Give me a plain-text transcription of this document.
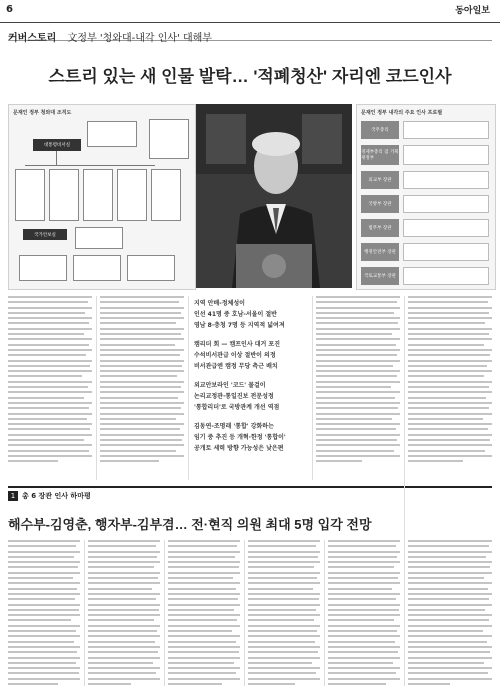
6	동아일보
커버스토리 文정부 '청와대-내각 인사' 대해부
스트리 있는 새 인물 발탁… '적폐청산' 자리엔 코드인사
문재인 정부 청와대 조직도
대통령비서실
국가안보실
문재인 정부 내각의 주요 인사 프로필
국무총리
경제부총리 겸 기획재정부
외교부 장관
국방부 장관
법무부 장관
행정안전부 장관
국토교통부 장관
지역 안배-정체성이
인선 41명 중 호남-서울이 절반
영남 8·충청 7명 등 지역적 넓여져
캠리더 회 — 캠프인사 대거 포진
수석비서관급 이상 절반이 의정
비서관급엔 캠정 무당 측근 배치
외교안보라인 '코드' 물걸이
논리교정관·통일진보 전문성정
'통합리더'로 국방관계 개선 역점
김동연-조명래 '통합' 강화하는
임기 중 추진 등 개혁·한정 '통합이'
공개토 세력 방향 가능성은 낮은편
1 총 6 장관 인사 하마평
해수부-김영춘, 행자부-김부겸… 전·현직 의원 최대 5명 입각 전망
